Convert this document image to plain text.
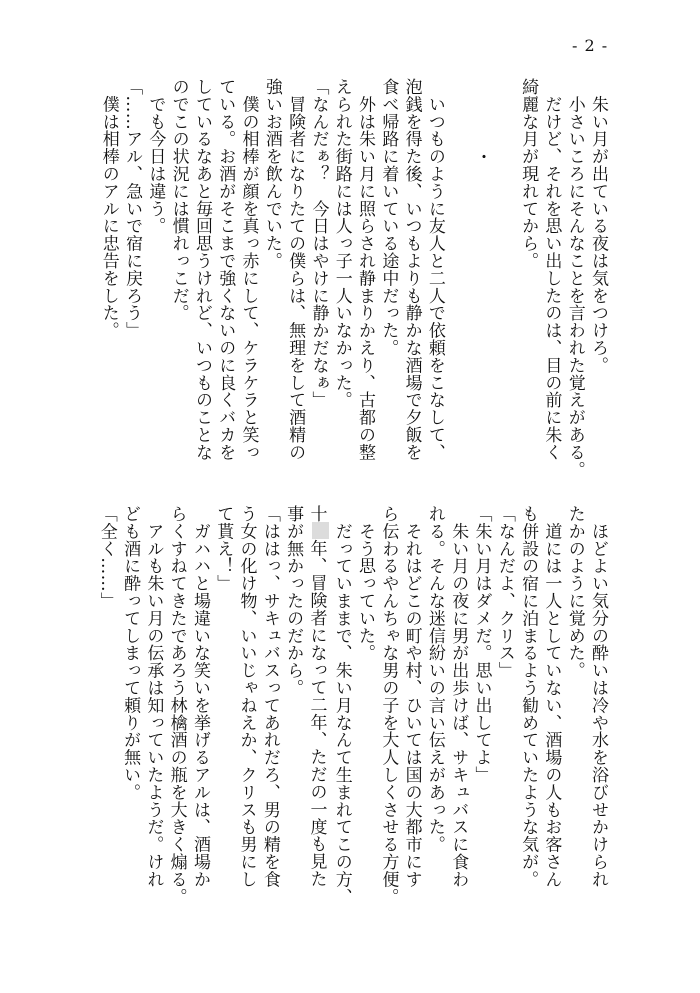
- 2 -
　朱い月が出ている夜は気をつけろ。
　小さいころにそんなことを言われた覚えがある。
　だけど、それを思い出したのは、目の前に朱く
綺麗な月が現れてから。
・
　いつものように友人と二人で依頼をこなして、
泡銭を得た後、いつもよりも静かな酒場で夕飯を
食べ帰路に着いている途中だった。
　外は朱い月に照らされ静まりかえり、古都の整
えられた街路には人っ子一人いなかった。
「なんだぁ？　今日はやけに静かだなぁ」
　冒険者になりたての僕らは、無理をして酒精の
強いお酒を飲んでいた。
　僕の相棒が顔を真っ赤にして、ケラケラと笑っ
ている。お酒がそこまで強くないのに良くバカを
しているなあと毎回思うけれど、いつものことな
のでこの状況には慣れっこだ。
　でも今日は違う。
「……アル、急いで宿に戻ろう」
　僕は相棒のアルに忠告をした。
　ほどよい気分の酔いは冷や水を浴びせかけられ
たかのように覚めた。
　道には一人としていない、酒場の人もお客さん
も併設の宿に泊まるよう勧めていたような気が。
「なんだよ、クリス」
「朱い月はダメだ。思い出してよ」
　朱い月の夜に男が出歩けば、サキュバスに食わ
れる。そんな迷信紛いの言い伝えがあった。
　それはどこの町や村、ひいては国の大都市にす
ら伝わるやんちゃな男の子を大人しくさせる方便。
　そう思っていた。
　だっていままで、朱い月なんて生まれてこの方、
十年、冒険者になって二年、ただの一度も見た
事が無かったのだから。
「ははっ、サキュバスってあれだろ、男の精を食
う女の化け物、いいじゃねえか、クリスも男にし
て貰え！」
　ガハハと場違いな笑いを挙げるアルは、酒場か
らくすねてきたであろう林檎酒の瓶を大きく煽る。
　アルも朱い月の伝承は知っていたようだ。けれ
ども酒に酔ってしまって頼りが無い。
「全く……」
